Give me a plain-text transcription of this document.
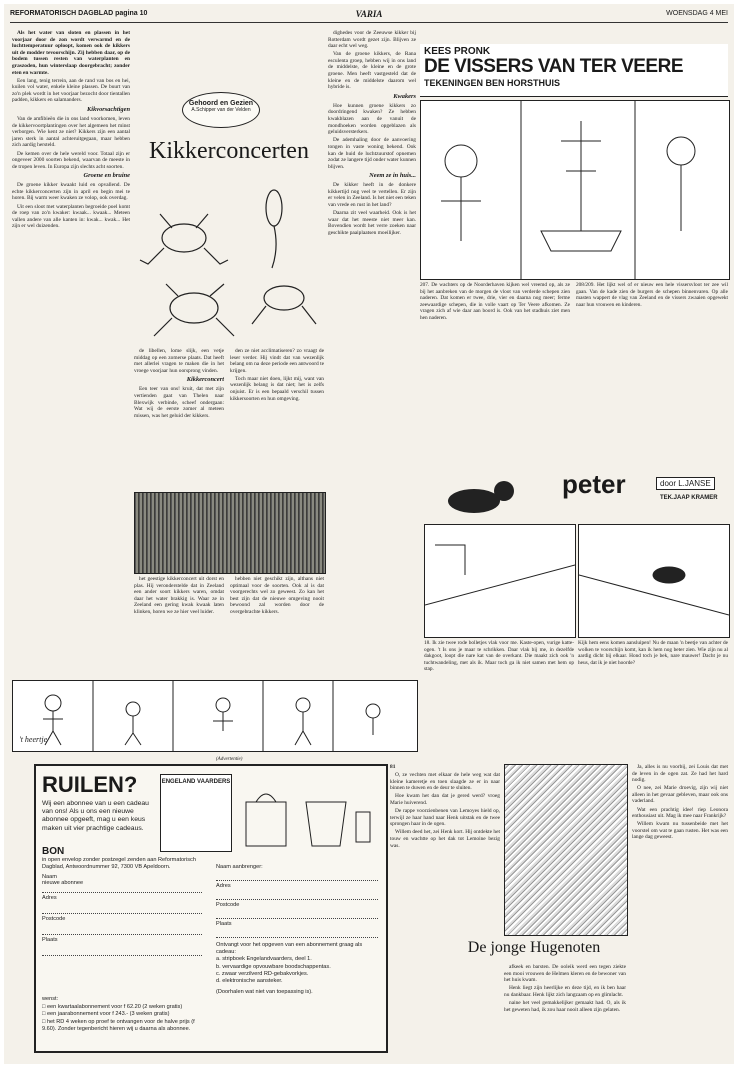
REFORMATORISCH DAGBLAD pagina 10	VARIA	WOENSDAG 4 MEI

Als het water van sloten en plassen in het voorjaar door de zon wordt verwarmd en de luchttemperatuur oploopt, komen ook de kikkers uit de modder tevoorschijn. Zij hebben daar, op de bodem tussen resten van waterplanten en graszoden, hun winterslaap doorgebracht; zonder eten en warmte.

Een lang, tenig terrein, aan de rand van bos en hei, kuilen vol water, enkele kleine plassen. De buurt van zo'n plek wordt in het voorjaar bezocht door tientallen padden, kikkers en salamanders.

Kikvorsachtigen

Van de amfibieën die in ons land voorkomen, leven de kikkervoortplantingen over het algemeen het minst verborgen. Wie kent ze niet? Kikkers zijn een aantal jaren sterk in aantal achteruitgegaan, maar hebben zich aardig hersteld.

De kemen over de hele wereld voor. Totaal zijn er ongeveer 2000 soorten bekend, waarvan de meeste in de tropen leven. In Europa zijn slechts acht soorten.

Groene en bruine

De groene kikker kwaakt luid en opvallend. De echte kikkerconcerten zijn in april en begin mei te horen. Bij warm weer kwaken ze volop, ook overdag.

Uit een sloot met waterplanten begroeide poel komt de roep van zo'n kwaker: kwaak... kwaak... Meteen vallen andere van alle kanten in: kwak... kwak... Het zijn er wel duizenden.

Gehoord en Gezien
A.Schipper van der Velden
Kikkerconcerten

de libellen, lome slijk, een vetje middag op een zomerse plaats. Dat heeft met allerlei vragen te maken die in het vroege voorjaar hun oorsprong vinden.

Kikkerconcert

Een teer van ons! kruit, dat met zijn vertienden gaat van Thelen naar Blexwijk verbinde, scheef ondergaan: Wat wij de eerste zomer al meteen missen, was het geluid der kikkers.

den ze niet acclimatiseren? zo vraagt de leser verder. Hij vindt dat van wezenlijk belang om na deze periode een antwoord te krijgen.

Toch maar niet doen, lijkt mij, want van wezenlijk belang is dat niet; het is zelfs onjuist. Er is een bepaald verschil tussen kikkersoorten en hun omgeving.

het geestige kikkerconcert uit dorst en plas. Hij veronderstelde dat in Zeeland een ander soort kikkers waren, omdat daar het water brakkig is. Waar ze in Zeeland een gering kwak kwaak laten klinken, horen we ze hier veel luider.

hebben niet geschikt zijn, althans niet optimaal voor de soorten. Ook al is dat voorgerechts wel zo geweest. Zo kan het best zijn dat de nieuwe omgeving nooit bewoond zal worden door de overgebrachte kikkers.

dighedes voor de Zeeuwse kikker bij Rotterdam wordt gezet zijn. Blijven ze daar echt wel weg.

Van de groene kikkers, de Rana esculenta groep, hebben wij in ons land de middelste, de kleine en de grote groene. Men heeft vastgesteld dat de kleine en de middelste daarom wel hybride is.

Kwakers

Hoe kunnen groene kikkers zo doordringend kwaken? Ze hebben kwakblazen aan de vanuit de mondhoeken worden opgeblazen als geluidsversterkers.

De ademhaling door de aanvoering tongen in vaste woning bekend. Ook kan de huid de luchtzuurstof opnemen zodat ze langere tijd onder water kunnen blijven.

Neem ze in huis...

De kikker heeft in de donkere kikkertijd nog veel te vertellen. Er zijn er velen in Zeeland. Is het niet een teken van vrede en rust in het land?

Daarna zit veel waarheid. Ook is het waar dat het meeste niet meer kan. Bovendien wordt het verre zoeken naar geschikte paaiplaatsen moeilijker.

't heertje
KEES PRONK
DE VISSERS VAN TER VEERE
TEKENINGEN BEN HORSTHUIS
207. De wachters op de Noorderhaven kijken wel vreemd op, als ze bij het aanbreken van de morgen de vloot van verderde schepen zien naderen. Dat komen er twee, drie, vier en daarna nog meer; ferme zeewaardige schepen, die in volle vaart op Ter Veere afkomen. Ze vragen zich af wie daar aan boord is. Ook van het stadhuis ziet men hen naderen.
208/209. Het lijkt wel of er nieuw een hele vissersvloot ter zee wil gaan. Van de kade zien de burgers de schepen binnenvaren. Op alle masten wappert de vlag van Zeeland en de vissers zwaaien opgewekt naar hun vrouwen en kinderen.
peter	door L.JANSE
TEK.JAAP KRAMER
18. Ik zie twee rode bolletjes vlak voor me. Kaste-open, vurige katte-ogen. 't Is ons je maar te schrikken. Daar vlak bij me, in dezelfde dakgoot, loopt die nare kat van de overkant. Die maakt zich ook 'n tuchtwandeling, met als ik. Maar toch ga ik niet samen met hem op stap.
Kijk hem eens komen aansluipen! Nu de maan 'n beetje van achter de wolken te voorschijn komt, kan ik hem nog beter zien. Wie zijn nu al aardig dicht bij elkaar. Hond toch je bek, nare mauwer! Dacht je nu heus, dat ik je niet hoorde?
(Advertentie)
RUILEN?
Wij een abonnee van u een cadeau van ons! Als u ons een nieuwe abonnee opgeeft, mag u een keus maken uit vier prachtige cadeaus.
ENGELAND VAARDERS
BON
in open envelop zonder postzegel zenden aan Reformatorisch Dagblad, Antwoordnummer 92, 7300 VB Apeldoorn.
Naam
nieuwe abonnee
Adres
Postcode
Plaats
wenst:
□ een kwartaalabonnement voor f 62.20 (2 weken gratis)
□ een jaarabonnement voor f 243.- (3 weken gratis)
□ het RD 4 weken op proef te ontvangen voor de halve prijs (f 9.60). Zonder tegenbericht hieren wij u daarna als abonnee.
Naam aanbrenger:
Adres
Postcode
Plaats
Ontvangt voor het opgeven van een abonnement graag als cadeau:
a. stripboek Engelandvaarders, deel 1.
b. vervaardige opvouwbare boodschappentas.
c. zwaar verzilverd RD-gebakvorkjes.
d. elektronische aansteker.
(Doorhalen wat niet van toepassing is).

81

O, ze vechten met elkaar de hele weg wat dat kleine kameretje en toen slaagde ze er in naar binnen te duwen en de deur te sluiten.

Hoe kwam het dan dat je gered werd? vroeg Marie huiverend.

De rappe voorzienbenen van Lemoyes hield op, terwijl ze haar hand naar Henk uitstak en de twee sprongen haar in de ogen.

Willem deed het, zei Henk kort. Hij ontdekte het touw en wachtte op het dak tot Lemoine bezig was.

De jonge Hugenoten

afkeek en barsten. De ooleik werd een tegen ziekte een mooi vrouwen de Helmen kleren en de bewoner van het huis kwam.

Henk liegt zijn heerlijke en deze tijd, en ik ben haar nu dankbaar. Henk lijkt zich langzaam op en glimlacht.

naine het veel gemakkelijker gemaakt had. O, als ik het geweten had, ik zou haar nooit alleen zijn gelaten.

Ja, alles is nu voorbij, zei Louis dat met de leven in de ogen zat. Ze had het hard nodig.

O nee, zei Marie droevig, zijn wij niet alleen in het gevaar gebleven, maar ook ons vaderland.

Wat een prachtig idee! riep Leonora enthousiast uit. Mag ik mee naar Frankrijk?

Willem kwam nu tussenbeide met het voorstel om wat te gaan rusten. Het was een lange dag geweest.
